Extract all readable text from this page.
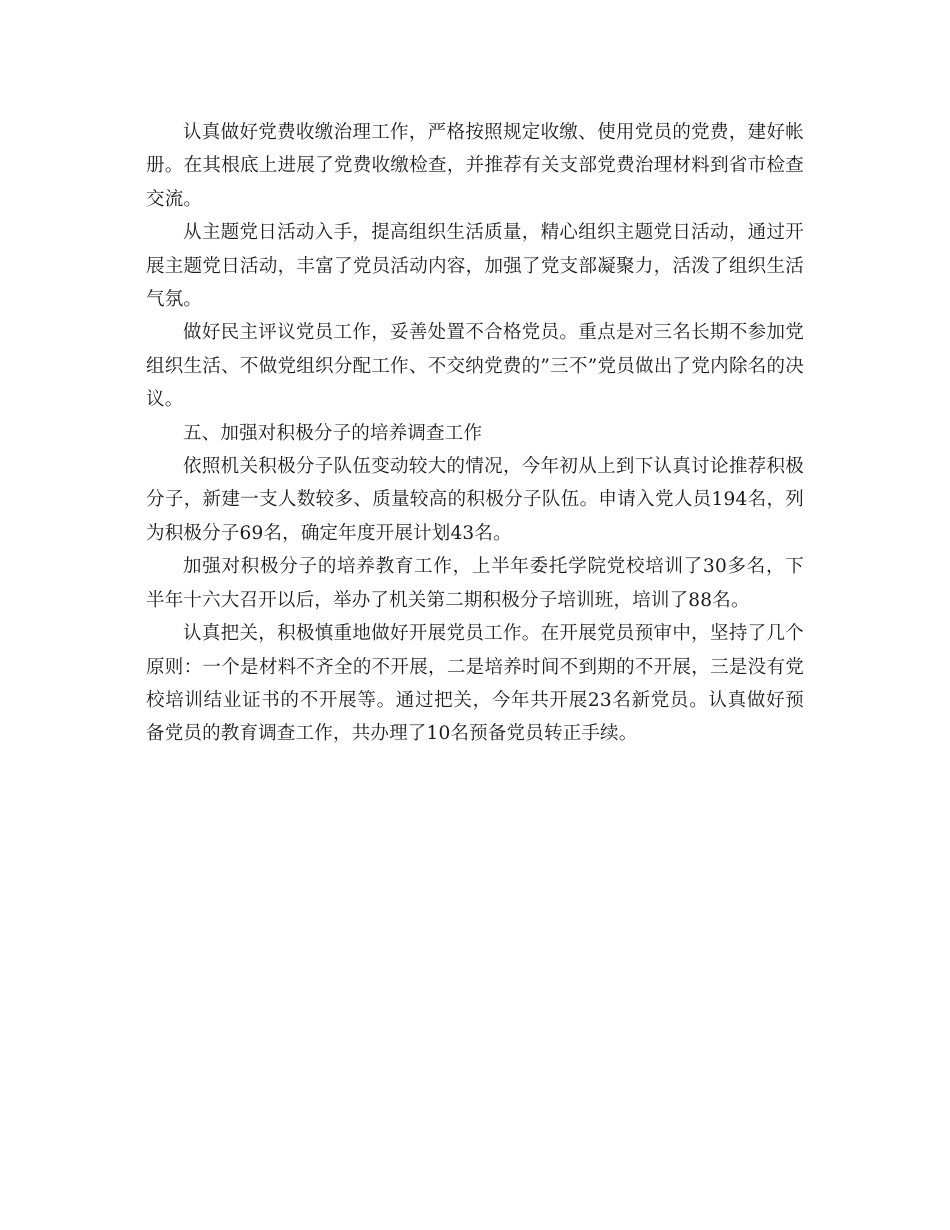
认真做好党费收缴治理工作，严格按照规定收缴、使用党员的党费，建好帐册。在其根底上进展了党费收缴检查，并推荐有关支部党费治理材料到省市检查交流。

从主题党日活动入手，提高组织生活质量，精心组织主题党日活动，通过开展主题党日活动，丰富了党员活动内容，加强了党支部凝聚力，活泼了组织生活气氛。

做好民主评议党员工作，妥善处置不合格党员。重点是对三名长期不参加党组织生活、不做党组织分配工作、不交纳党费的”三不”党员做出了党内除名的决议。

五、加强对积极分子的培养调查工作

依照机关积极分子队伍变动较大的情况，今年初从上到下认真讨论推荐积极分子，新建一支人数较多、质量较高的积极分子队伍。申请入党人员194名，列为积极分子69名，确定年度开展计划43名。

加强对积极分子的培养教育工作，上半年委托学院党校培训了30多名，下半年十六大召开以后，举办了机关第二期积极分子培训班，培训了88名。

认真把关，积极慎重地做好开展党员工作。在开展党员预审中，坚持了几个原则：一个是材料不齐全的不开展，二是培养时间不到期的不开展，三是没有党校培训结业证书的不开展等。通过把关，今年共开展23名新党员。认真做好预备党员的教育调查工作，共办理了10名预备党员转正手续。
